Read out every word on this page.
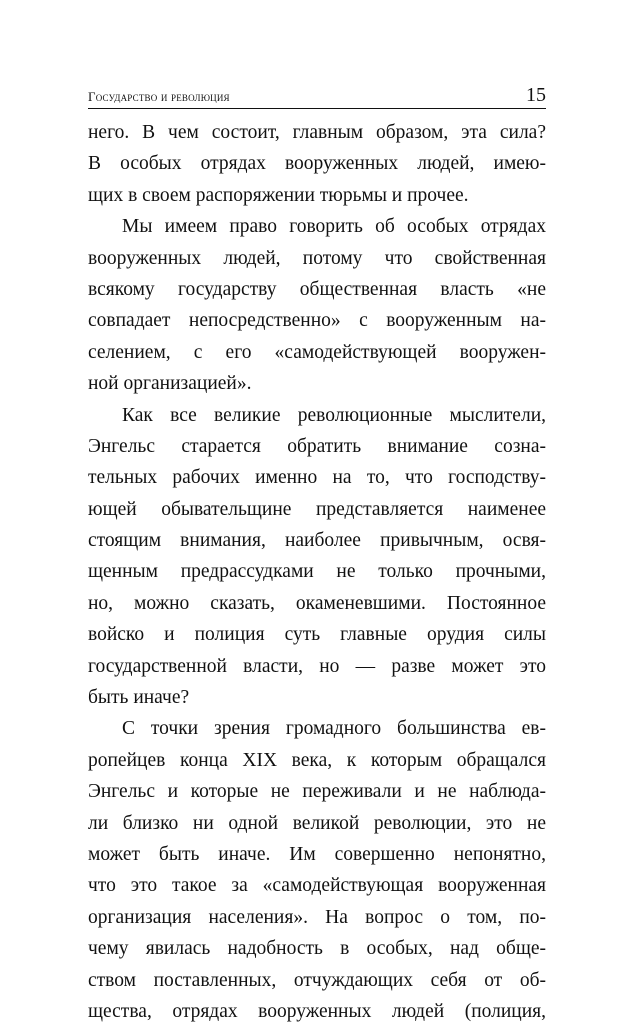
Государство и революция	15
него. В чем состоит, главным образом, эта сила?
В особых отрядах вооруженных людей, имею-
щих в своем распоряжении тюрьмы и прочее.
Мы имеем право говорить об особых отрядах
вооруженных людей, потому что свойственная
всякому государству общественная власть «не
совпадает непосредственно» с вооруженным на-
селением, с его «самодействующей вооружен-
ной организацией».
Как все великие революционные мыслители,
Энгельс старается обратить внимание созна-
тельных рабочих именно на то, что господству-
ющей обывательщине представляется наименее
стоящим внимания, наиболее привычным, освя-
щенным предрассудками не только прочными,
но, можно сказать, окаменевшими. Постоянное
войско и полиция суть главные орудия силы
государственной власти, но — разве может это
быть иначе?
С точки зрения громадного большинства ев-
ропейцев конца XIX века, к которым обращался
Энгельс и которые не переживали и не наблюда-
ли близко ни одной великой революции, это не
может быть иначе. Им совершенно непонятно,
что это такое за «самодействующая вооруженная
организация населения». На вопрос о том, по-
чему явилась надобность в особых, над обще-
ством поставленных, отчуждающих себя от об-
щества, отрядах вооруженных людей (полиция,
